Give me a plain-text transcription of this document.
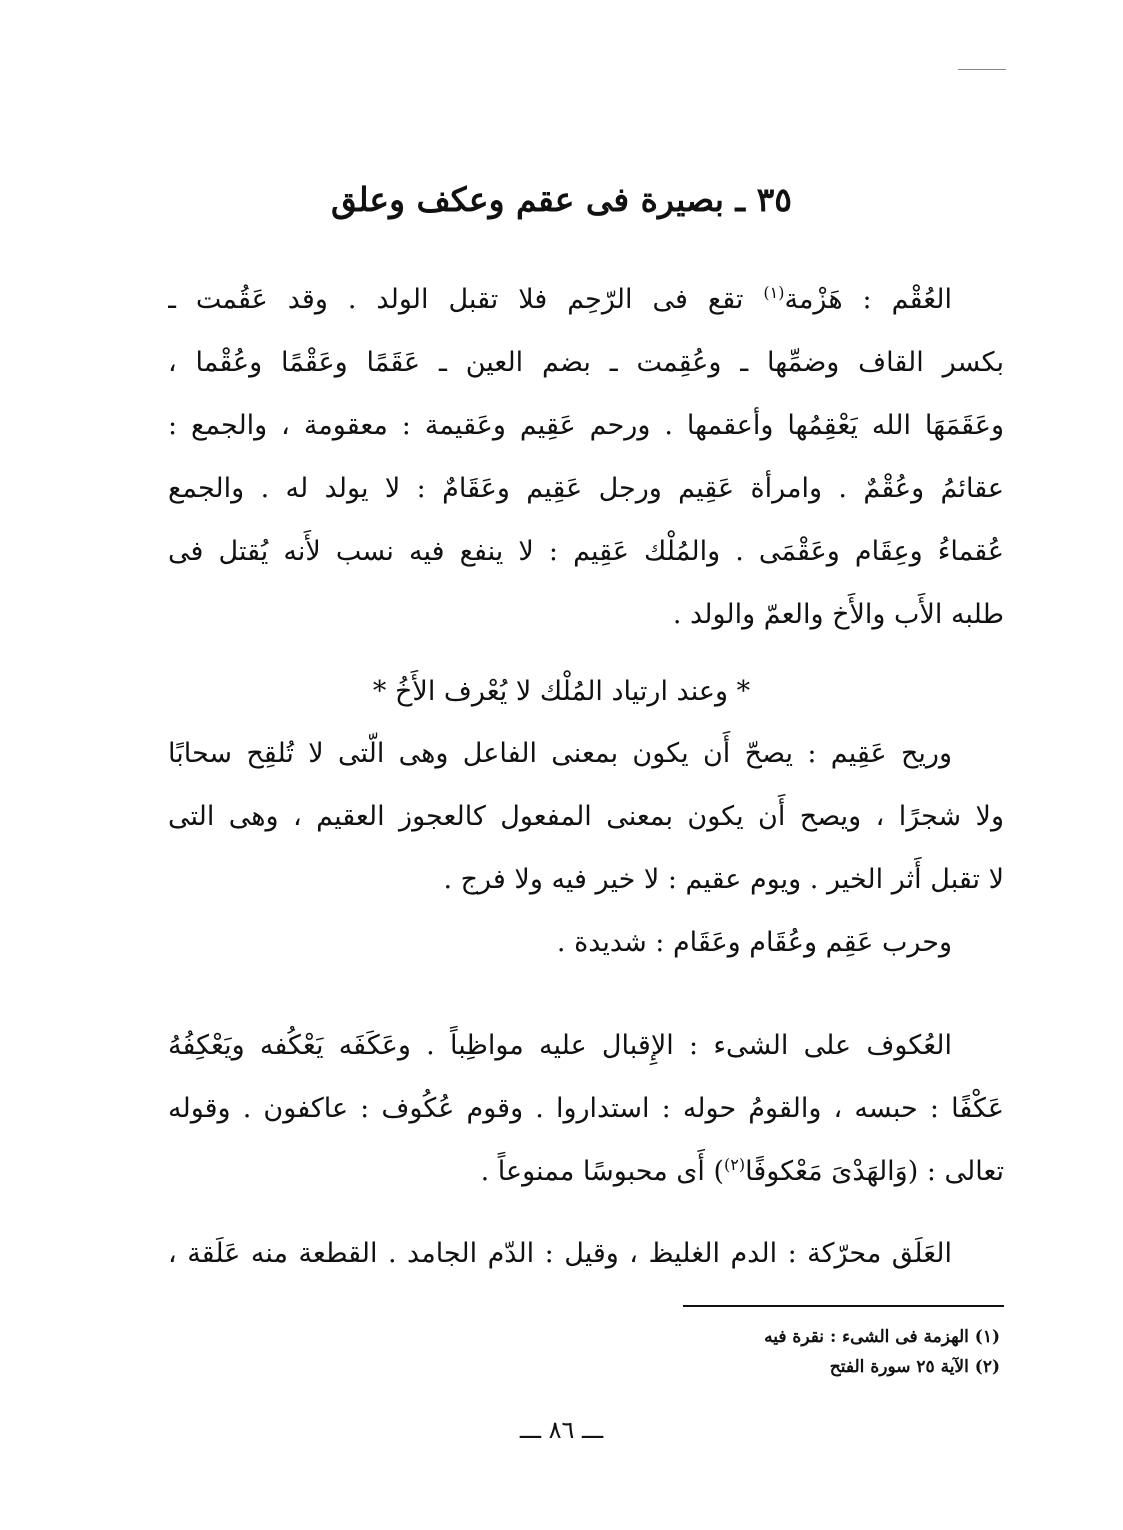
٣٥ ـ بصيرة فى عقم وعكف وعلق
العُقْم : هَزْمة$^{(١)}$ تقع فى الرّحِم فلا تقبل الولد . وقد عَقُمت ـ
بكسر القاف وضمِّها ـ وعُقِمت ـ بضم العين ـ عَقَمًا وعَقْمًا وعُقْما ،
وعَقَمَهَا الله يَعْقِمُها وأعقمها . ورحم عَقِيم وعَقيمة : معقومة ، والجمع :
عقائمُ وعُقْمٌ . وامرأة عَقِيم ورجل عَقِيم وعَقَامٌ : لا يولد له . والجمع
عُقماءُ وعِقَام وعَقْمَى . والمُلْك عَقِيم : لا ينفع فيه نسب لأَنه يُقتل فى
طلبه الأَب والأَخ والعمّ والولد .
* وعند ارتياد المُلْك لا يُعْرف الأَخُ *
وريح عَقِيم : يصحّ أَن يكون بمعنى الفاعل وهى الّتى لا تُلقِح سحابًا
ولا شجرًا ، ويصح أَن يكون بمعنى المفعول كالعجوز العقيم ، وهى التى
لا تقبل أَثر الخير . ويوم عقيم : لا خير فيه ولا فرج .
وحرب عَقِم وعُقَام وعَقَام : شديدة .
العُكوف على الشىء : الإِقبال عليه مواظِباً . وعَكَفَه يَعْكُفه ويَعْكِفُهُ
عَكْفًا : حبسه ، والقومُ حوله : استداروا . وقوم عُكُوف : عاكفون . وقوله
تعالى : (وَالهَدْىَ مَعْكوفًا$^{(٢)}$) أَى محبوسًا ممنوعاً .
العَلَق محرّكة : الدم الغليظ ، وقيل : الدّم الجامد . القطعة منه عَلَقة ،
(١) الهزمة فى الشىء : نقرة فيه
(٢) الآية ٢٥ سورة الفتح
ـــ ٨٦ ـــ
